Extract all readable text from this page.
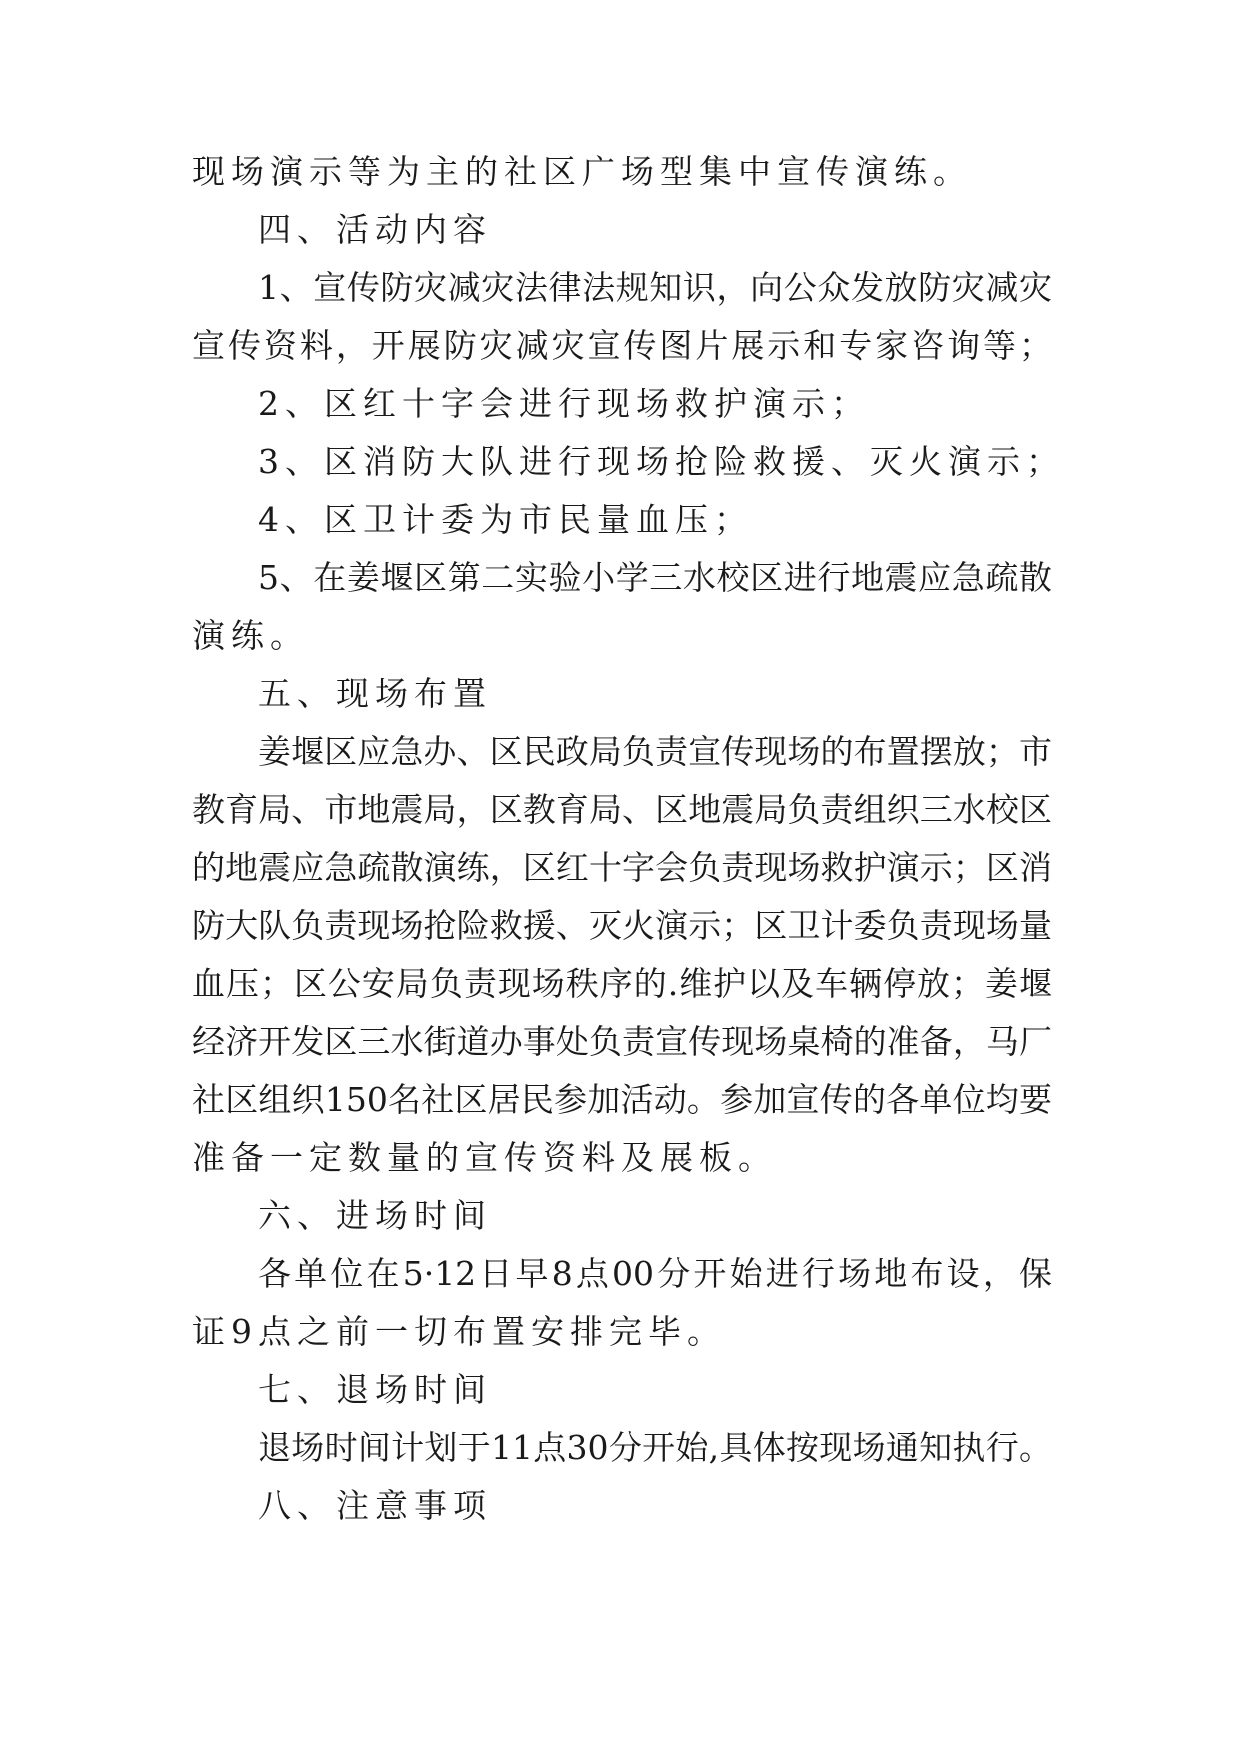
现场演示等为主的社区广场型集中宣传演练。
四、活动内容
1、宣传防灾减灾法律法规知识，向公众发放防灾减灾
宣传资料，开展防灾减灾宣传图片展示和专家咨询等；
2、区红十字会进行现场救护演示；
3、区消防大队进行现场抢险救援、灭火演示；
4、区卫计委为市民量血压；
5、在姜堰区第二实验小学三水校区进行地震应急疏散
演练。
五、现场布置
姜堰区应急办、区民政局负责宣传现场的布置摆放；市
教育局、市地震局，区教育局、区地震局负责组织三水校区
的地震应急疏散演练，区红十字会负责现场救护演示；区消
防大队负责现场抢险救援、灭火演示；区卫计委负责现场量
血压；区公安局负责现场秩序的.维护以及车辆停放；姜堰
经济开发区三水街道办事处负责宣传现场桌椅的准备，马厂
社区组织150名社区居民参加活动。参加宣传的各单位均要
准备一定数量的宣传资料及展板。
六、进场时间
各单位在5·12日早8点00分开始进行场地布设，保
证9点之前一切布置安排完毕。
七、退场时间
退场时间计划于11点30分开始,具体按现场通知执行。
八、注意事项
